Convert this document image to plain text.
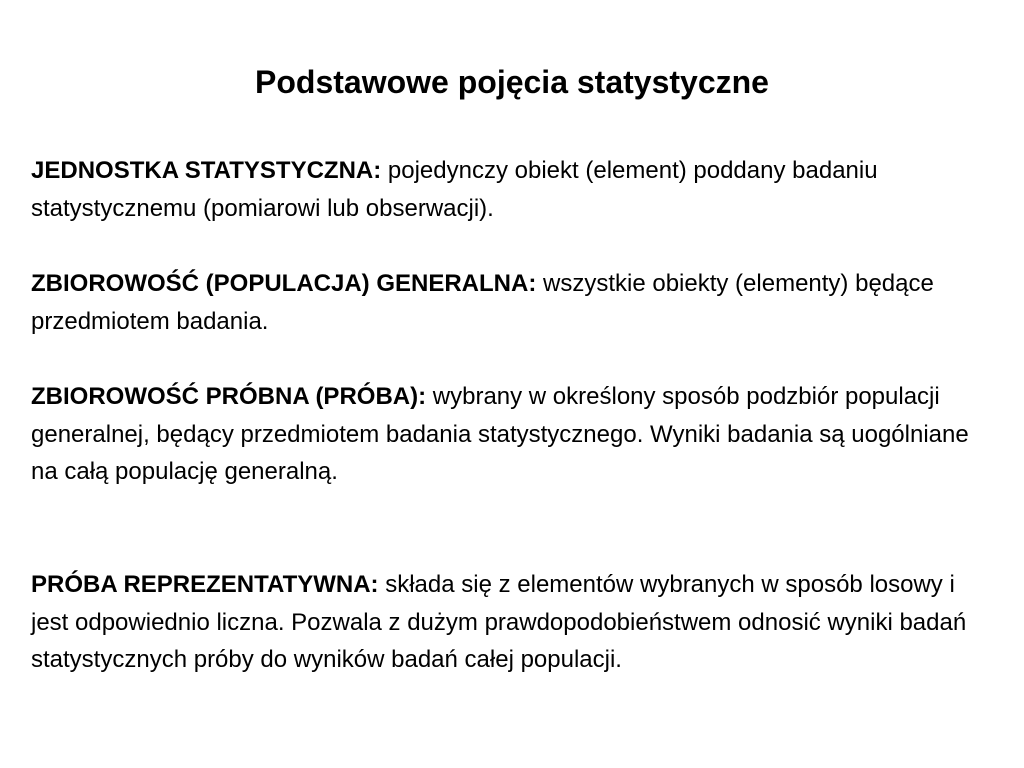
Podstawowe pojęcia statystyczne

JEDNOSTKA STATYSTYCZNA: pojedynczy obiekt (element) poddany badaniu statystycznemu (pomiarowi lub obserwacji).

ZBIOROWOŚĆ (POPULACJA) GENERALNA: wszystkie obiekty (elementy) będące przedmiotem badania.

ZBIOROWOŚĆ PRÓBNA (PRÓBA): wybrany w określony sposób podzbiór populacji generalnej, będący przedmiotem badania statystycznego. Wyniki badania są uogólniane na całą populację generalną.

PRÓBA REPREZENTATYWNA: składa się z elementów wybranych w sposób losowy i jest odpowiednio liczna. Pozwala z dużym prawdopodobieństwem odnosić wyniki badań statystycznych próby do wyników badań całej populacji.
